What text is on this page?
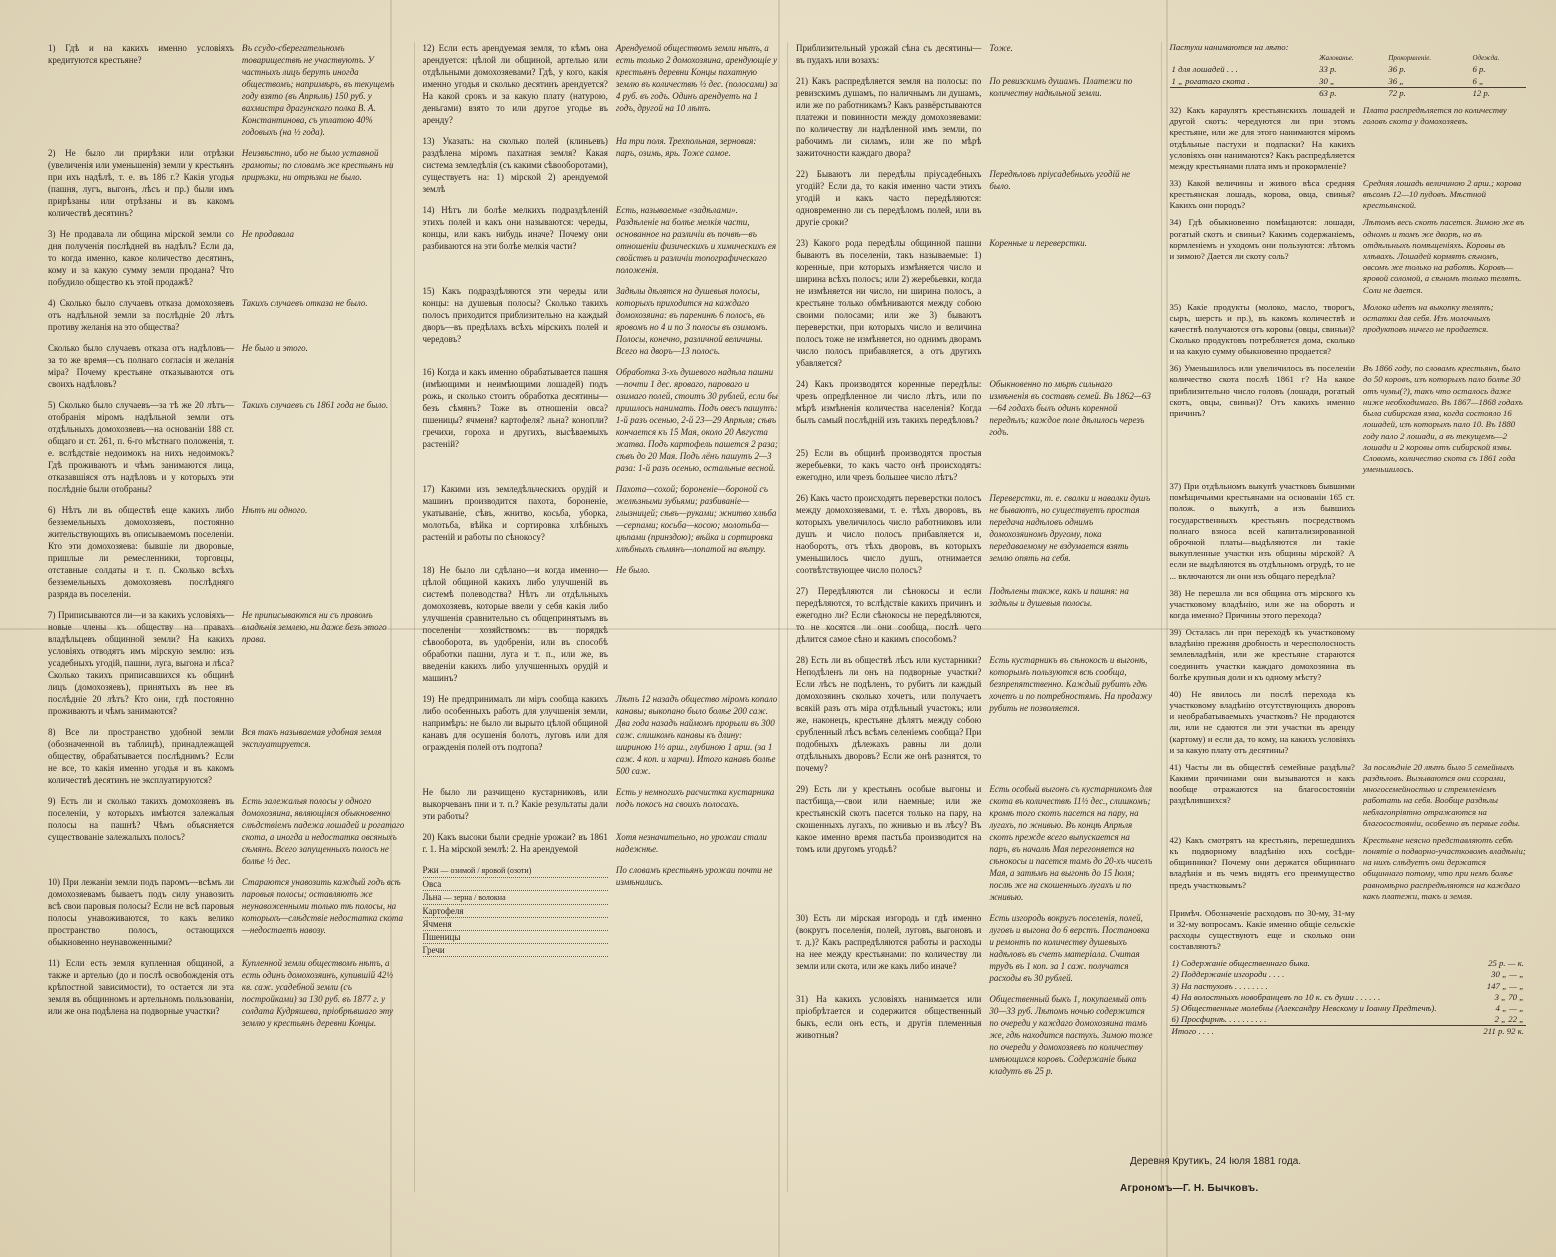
1) Гдѣ и на какихъ именно условіяхъ кредитуются крестьяне?
Въ ссудо-сберегательномъ товариществѣ не участвуютъ. У частныхъ лицъ берутъ иногда обществомъ; напримѣръ, въ текущемъ году взято (въ Апрѣлѣ) 150 руб. у вахмистра драгунскаго полка В. А. Константинова, съ уплатою 40% годовыхъ (на ½ года).
2) Не было ли прирѣзки или отрѣзки (увеличенія или уменьшенія) земли у крестьянъ при ихъ надѣлѣ, т. е. въ 186 г.? Какія угодья (пашня, лугъ, выгонъ, лѣсъ и пр.) были имъ прирѣзаны или отрѣзаны и въ какомъ количествѣ десятинъ?
Неизвѣстно, ибо не было уставной грамоты; по словамъ же крестьянъ ни прирѣзки, ни отрѣзки не было.
3) Не продавала ли община мірской земли со дня полученія послѣдней въ надѣлъ? Если да, то когда именно, какое количество десятинъ, кому и за какую сумму земли продана? Что побудило общество къ этой продажѣ?
Не продавала
4) Сколько было случаевъ отказа домохозяевъ отъ надѣльной земли за послѣдніе 20 лѣтъ противу желанія на это общества?
Такихъ случаевъ отказа не было.
Сколько было случаевъ отказа отъ надѣловъ—за то же время—съ полнаго согласія и желанія міра? Почему крестьяне отказываются отъ своихъ надѣловъ?
Не было и этого.
5) Сколько было случаевъ—за тѣ же 20 лѣтъ—отобранія міромъ надѣльной земли отъ отдѣльныхъ домохозяевъ—на основаніи 188 ст. общаго и ст. 261, п. 6-го мѣстнаго положенія, т. е. вслѣдствіе недоимокъ на нихъ недоимокъ? Гдѣ проживаютъ и чѣмъ занимаются лица, отказавшіяся отъ надѣловъ и у которыхъ эти послѣдніе были отобраны?
Такихъ случаевъ съ 1861 года не было.
6) Нѣтъ ли въ обществѣ еще какихъ либо безземельныхъ домохозяевъ, постоянно жительствующихъ въ описываемомъ поселеніи. Кто эти домохозяева: бывшіе ли дворовые, пришлые ли ремесленники, торговцы, отставные солдаты и т. п. Сколько всѣхъ безземельныхъ домохозяевъ послѣдняго разряда въ поселеніи.
Нѣтъ ни одного.
7) Приписываются ли—и за какихъ условіяхъ—новые члены къ обществу на правахъ владѣльцевъ общинной земли? На какихъ условіяхъ отводятъ имъ мірскую землю: изъ усадебныхъ угодій, пашни, луга, выгона и лѣса? Сколько такихъ приписавшихся къ общинѣ лицъ (домохозяевъ), принятыхъ въ нее въ послѣдніе 20 лѣтъ? Кто они, гдѣ постоянно проживаютъ и чѣмъ занимаются?
Не приписываются ни съ правомъ владѣнія землею, ни даже безъ этого права.
8) Все ли пространство удобной земли (обозначенной въ таблицѣ), принадлежащей обществу, обрабатывается послѣднимъ? Если не все, то какія именно угодья и въ какомъ количествѣ десятинъ не эксплуатируются?
Вся такъ называемая удобная земля эксплуатируется.
9) Есть ли и сколько такихъ домохозяевъ въ поселеніи, у которыхъ имѣются залежалыя полосы на пашнѣ? Чѣмъ объясняется существованіе залежалыхъ полосъ?
Есть залежалыя полосы у одного домохозяина, являющіяся обыкновенно слѣдствіемъ падежа лошадей и рогатаго скота, а иногда и недостатка овсяныхъ сѣмянъ. Всего запущенныхъ полосъ не болѣе ½ дес.
10) При лежаніи земли подъ паромъ—всѣмъ ли домохозяевамъ бываетъ подъ силу унавозить всѣ свои паровыя полосы? Если не всѣ паровыя полосы унавоживаются, то какъ велико пространство полосъ, остающихся обыкновенно неунавоженными?
Стараются унавозить каждый годъ всѣ паровыя полосы; оставляютъ же неунавоженными только тѣ полосы, на которыхъ—слѣдствіе недостатка скота—недостаетъ навозу.
11) Если есть земля купленная общиной, а также и артелью (до и послѣ освобожденія отъ крѣпостной зависимости), то остается ли эта земля въ общинномъ и артельномъ пользованіи, или же она подѣлена на подворные участки?
Купленной земли обществомъ нѣтъ, а есть одинъ домохозяинъ, купившій 42½ кв. саж. усадебной земли (съ постройками) за 130 руб. въ 1877 г. у солдата Кудряшева, пріобрѣвшаго эту землю у крестьянъ деревни Концы.
12) Если есть арендуемая земля, то кѣмъ она арендуется: цѣлой ли общиной, артелью или отдѣльными домохозяевами? Гдѣ, у кого, какія именно угодья и сколько десятинъ арендуется? На какой срокъ и за какую плату (натурою, деньгами) взято то или другое угодье въ аренду?
Арендуемой обществомъ земли нѣтъ, а есть только 2 домохозяина, арендующіе у крестьянъ деревни Концы пахатную землю въ количествѣ ½ дес. (полосами) за 4 руб. въ годъ. Одинъ арендуетъ на 1 годъ, другой на 10 лѣтъ.
13) Указать: на сколько полей (клиньевъ) раздѣлена міромъ пахатная земля? Какая система земледѣлія (съ какими сѣвооборотами), существуетъ на: 1) мірской 2) арендуемой землѣ
На три поля. Трехпольная, зерновая: паръ, озимь, ярь. Тоже самое.
14) Нѣтъ ли болѣе мелкихъ подраздѣленій этихъ полей и какъ они называются: череды, концы, или какъ нибудь иначе? Почему они разбиваются на эти болѣе мелкія части?
Есть, называемые «задѣлами». Раздѣленіе на болѣе мелкія части, основанное на различіи въ почвѣ—въ отношеніи физическихъ и химическихъ ея свойствъ и различіи топографическаго положенія.
15) Какъ подраздѣляются эти череды или концы: на душевыя полосы? Сколько такихъ полосъ приходится приблизительно на каждый дворъ—въ предѣлахъ всѣхъ мірскихъ полей и чередовъ?
Задѣлы дѣлятся на душевыя полосы, которыхъ приходится на каждаго домохозяина: въ паренинѣ 6 полосъ, въ яровомъ но 4 и по 3 полосы въ озимомъ. Полосы, конечно, различной величины. Всего на дворъ—13 полосъ.
16) Когда и какъ именно обрабатывается пашня (имѣющими и неимѣющими лошадей) подъ рожь, и сколько стоитъ обработка десятины—безъ сѣмянъ? Тоже въ отношеніи овса? пшеницы? ячменя? картофеля? льна? конопли? гречихи, гороха и другихъ, высѣваемыхъ растеній?
Обработка 3-хъ душевого надѣла пашни—почти 1 дес. яроваго, пароваго и озимаго полей, стоитъ 30 рублей, если бы пришлось нанимать. Подъ овесъ пашутъ: 1-й разъ осенью, 2-й 23—29 Апрѣля; сѣвъ кончается къ 15 Мая, около 20 Августа жатва. Подъ картофель пашется 2 раза; сѣвъ до 20 Мая. Подъ лёнъ пашутъ 2—3 раза: 1-й разъ осенью, остальные весной.
17) Какими изъ земледѣльческихъ орудій и машинъ производится пахота, бороненіе, укатываніе, сѣвъ, жнитво, косьба, уборка, молотьба, вѣйка и сортировка хлѣбныхъ растеній и работы по сѣнокосу?
Пахота—сохой; бороненіе—бороной съ желѣзными зубьями; разбиваніе—глызницей; сѣвъ—руками; жнитво хлѣба—серпами; косьба—косою; молотьба—цѣпами (принздою); вѣйка и сортировка хлѣбныхъ сѣмянъ—лопатой на вѣтру.
18) Не было ли сдѣлано—и когда именно—цѣлой общиной какихъ либо улучшеній въ системѣ полеводства? Нѣтъ ли отдѣльныхъ домохозяевъ, которые ввели у себя какія либо улучшенія сравнительно съ общепринятымъ въ поселеніи хозяйствомъ: въ порядкѣ сѣвооборота, въ удобреніи, или въ способѣ обработки пашни, луга и т. п., или же, въ введеніи какихъ либо улучшенныхъ орудій и машинъ?
Не было.
19) Не предпринималъ ли міръ сообща какихъ либо особенныхъ работъ для улучшенія земли, напримѣръ: не было ли вырыто цѣлой общиной канавъ для осушенія болотъ, луговъ или для огражденія полей отъ подтопа?
Лѣтъ 12 назадъ общество міромъ копало канавы; выкопано было болѣе 200 саж. Два года назадъ наймомъ прорыли въ 300 саж. слишкомъ канавы къ длину: шириною 1½ арш., глубиною 1 арш. (за 1 саж. 4 коп. и харчи). Итого канавъ болѣе 500 саж.
Не было ли разчищено кустарниковъ, или выкорчеванъ пни и т. п.? Какіе результаты дали эти работы?
Есть у немногихъ расчистка кустарника подъ покосъ на своихъ полосахъ.
20) Какъ высоки были средніе урожаи? въ 1861 г. 1. На мірской землѣ: 2. На арендуемой
Хотя незначительно, но урожаи стали надежнѣе.
Ржи — озимой / яровой (озоти)
Овса
Льна — зерна / волокна
Картофеля
Ячменя
Пшеницы
Гречи
По словамъ крестьянъ урожаи почти не измѣнились.
Приблизительный урожай сѣна съ десятины—въ пудахъ или возахъ:
Тоже.
21) Какъ распредѣляется земля на полосы: по ревизскимъ душамъ, по наличнымъ ли душамъ, или же по работникамъ? Какъ развёрстываются платежи и повинности между домохозяевами: по количеству ли надѣленной имъ земли, по рабочимъ ли силамъ, или же по мѣрѣ зажиточности каждаго двора?
По ревизскимъ душамъ. Платежи по количеству надѣльной земли.
22) Бываютъ ли передѣлы пріусадебныхъ угодій? Если да, то какія именно части этихъ угодій и какъ часто передѣляются: одновременно ли съ передѣломъ полей, или въ другіе сроки?
Передѣловъ пріусадебныхъ угодій не было.
23) Какого рода передѣлы общинной пашни бываютъ въ поселеніи, такъ называемые: 1) коренные, при которыхъ измѣняется число и ширина всѣхъ полосъ; или 2) жеребьевки, когда не измѣняется ни число, ни ширина полосъ, а крестьяне только обмѣниваются между собою своими полосами; или же 3) бываютъ переверстки, при которыхъ число и величина полосъ тоже не измѣняется, но однимъ дворамъ число полосъ прибавляется, а отъ другихъ убавляется?
Коренные и переверстки.
24) Какъ производятся коренные передѣлы: чрезъ опредѣленное ли число лѣтъ, или по мѣрѣ измѣненія количества населенія? Когда былъ самый послѣдній изъ такихъ передѣловъ?
Обыкновенно по мѣрѣ сильнаго измѣненія въ составѣ семей. Въ 1862—63—64 годахъ былъ одинъ коренной передѣлъ; каждое поле дѣлилось черезъ годъ.
25) Если въ общинѣ производятся простыя жеребьевки, то какъ часто онѣ происходятъ: ежегодно, или чрезъ большее число лѣтъ?
26) Какъ часто происходятъ переверстки полосъ между домохозяевами, т. е. тѣхъ дворовъ, въ которыхъ увеличилось число работниковъ или душъ и число полосъ прибавляется и, наоборотъ, отъ тѣхъ дворовъ, въ которыхъ уменьшилось число душъ, отнимается соотвѣтствующее число полосъ?
Переверстки, т. е. свалки и навалки душъ не бываютъ, но существуетъ простая передача надѣловъ однимъ домохозяиномъ другому, пока передаваемому не вздумается взять землю опять на себя.
27) Передѣляются ли сѣнокосы и если передѣляются, то вслѣдствіе какихъ причинъ и ежегодно ли? Если сѣнокосы не передѣляются, то не косятся ли они сообща, послѣ чего дѣлится самое сѣно и какимъ способомъ?
Подѣлены также, какъ и пашня: на задѣлы и душевыя полосы.
28) Есть ли въ обществѣ лѣсъ или кустарники? Неподѣленъ ли онъ на подворные участки? Если лѣсъ не подѣленъ, то рубитъ ли каждый домохозяинъ сколько хочетъ, или получаетъ всякій разъ отъ міра отдѣльный участокъ; или же, наконецъ, крестьяне дѣлятъ между собою срубленный лѣсъ всѣмъ селеніемъ сообща? При подобныхъ дѣлежахъ равны ли доли отдѣльныхъ дворовъ? Если же онѣ разнятся, то почему?
Есть кустарникъ въ сѣнокосѣ и выгонѣ, которымъ пользуются всѣ сообща, безпрепятственно. Каждый рубитъ гдѣ хочетъ и по потребностямъ. На продажу рубить не позволяется.
29) Есть ли у крестьянъ особые выгоны и пастбища,—свои или наемные; или же крестьянскій скотъ пасется только на пару, на скошенныхъ лугахъ, по жнивью и въ лѣсу? Въ какое именно время пастьба производится на томъ или другомъ угодьѣ?
Есть особый выгонъ съ кустарникомъ для скота въ количествѣ 11½ дес., слишкомъ; кромѣ того скотъ пасется на пару, на лугахъ, по жнивью. Въ концѣ Апрѣля скотъ прежде всего выпускается на паръ, въ началѣ Мая перегоняется на сѣнокосы и пасется тамъ до 20-хъ чиселъ Мая, а затѣмъ на выгонѣ до 15 Іюля; послѣ же на скошенныхъ лугахъ и по жнивью.
30) Есть ли мірская изгородь и гдѣ именно (вокругъ поселенія, полей, луговъ, выгоновъ и т. д.)? Какъ распредѣляются работы и расходы на нее между крестьянами: по количеству ли земли или скота, или же какъ либо иначе?
Есть изгородь вокругъ поселенія, полей, луговъ и выгона до 6 верстъ. Постановка и ремонтъ по количеству душевыхъ надѣловъ въ счетъ матеріала. Считая трудъ въ 1 коп. за 1 саж. получатся расходы въ 30 рублей.
31) На какихъ условіяхъ нанимается или пріобрѣтается и содержится общественный быкъ, если онъ есть, и другія племенныя животныя?
Общественный быкъ 1, покупаемый отъ 30—33 руб. Лѣтомъ ночью содержится по очереди у каждаго домохозяина тамъ же, гдѣ находится пастухъ. Зимою тоже по очереди у домохозяевъ по количеству имѣющихся коровъ. Содержаніе быка кладутъ въ 25 р.
Пастухи нанимаются на лѣто:
	Жалованье.	Прокормленіе.	Одежда.
1 для лошадей . . .	33 р.	36 р.	6 р.
1 „ рогатаго скота .	30 „	36 „	6 „
	63 р.	72 р.	12 р.
32) Какъ караулятъ крестьянскихъ лошадей и другой скотъ: чередуются ли при этомъ крестьяне, или же для этого нанимаются міромъ отдѣльные пастухи и подпаски? На какихъ условіяхъ они нанимаются? Какъ распредѣляется между крестьянами плата имъ и прокормленіе?
Плата распредѣляется по количеству головъ скота у домохозяевъ.
33) Какой величины и живого вѣса средняя крестьянская лошадь, корова, овца, свинья? Какихъ они породъ?
Средняя лошадь величиною 2 арш.; корова вѣсомъ 12—10 пудовъ. Мѣстной крестьянской.
34) Гдѣ обыкновенно помѣщаются: лошади, рогатый скотъ и свиньи? Какимъ содержаніемъ, кормленіемъ и уходомъ они пользуются: лѣтомъ и зимою? Дается ли скоту соль?
Лѣтомъ весь скотъ пасется. Зимою же въ одномъ и томъ же дворѣ, но въ отдѣльныхъ помѣщеніяхъ. Коровы въ хлѣвахъ. Лошадей кормятъ сѣномъ, овсомъ же только на работѣ. Коровъ—яровой соломой, а сѣномъ только телятъ. Соли не дается.
35) Какіе продукты (молоко, масло, творогъ, сыръ, шерсть и пр.), въ какомъ количествѣ и качествѣ получаются отъ коровы (овцы, свиньи)? Сколько продуктовъ потребляется дома, сколько и на какую сумму обыкновенно продается?
Молоко идетъ на выкопку телятъ; остатки для себя. Изъ молочныхъ продуктовъ ничего не продается.
36) Уменьшилось или увеличилось въ поселеніи количество скота послѣ 1861 г? На какое приблизительно число головъ (лошади, рогатый скотъ, овцы, свиньи)? Отъ какихъ именно причинъ?
Въ 1866 году, по словамъ крестьянъ, было до 50 коровъ, изъ которыхъ пало болѣе 30 отъ чумы(?), такъ что осталось даже ниже необходимаго. Въ 1867—1868 годахъ была сибирская язва, когда состояло 16 лошадей, изъ которыхъ пало 10. Въ 1880 году пало 2 лошади, а въ текущемъ—2 лошади и 2 коровы отъ сибирской язвы. Словомъ, количество скота съ 1861 года уменьшилось.
37) При отдѣльномъ выкупѣ участковъ бывшими помѣщичьими крестьянами на основаніи 165 ст. полож. о выкупѣ, а изъ бывшихъ государственныхъ крестьянъ посредствомъ полнаго взноса всей капитализированной оброчной платы—выдѣляются ли такіе выкупленные участки изъ общины мірской? А если не выдѣляются въ отдѣльномъ огрудѣ, то не ... включаются ли они изъ общаго передѣла?
38) Не перешла ли вся община отъ мірского къ участковому владѣнію, или же на обороть и когда именно? Причины этого перехода?
39) Осталась ли при переходѣ къ участковому владѣнію прежняя дробность и чересполосность землевладѣнія, или же крестьяне стараются соединить участки каждаго домохозяина въ болѣе крупныя доли и къ одному мѣсту?
40) Не явилось ли послѣ перехода къ участковому владѣнію отсутствующихъ дворовъ и необрабатываемыхъ участковъ? Не продаются ли, или не сдаются ли эти участки въ аренду (картому) и если да, то кому, на какихъ условіяхъ и за какую плату отъ десятины?
41) Часты ли въ обществѣ семейные раздѣлы? Какими причинами они вызываются и какъ вообще отражаются на благосостояніи раздѣлившихся?
За послѣдніе 20 лѣтъ было 5 семейныхъ раздѣловъ. Вызываются они ссорами, многосемейностью и стремленіемъ работать на себя. Вообще раздѣлы неблагопріятно отражаются на благосостояніи, особенно въ первые годы.
42) Какъ смотрятъ на крестьянъ, перешедшихъ къ подворному владѣнію ихъ сосѣди-общинники? Почему они держатся общиннаго владѣнія и въ чемъ видятъ его преимущество предъ участковымъ?
Крестьяне неясно представляютъ себѣ понятіе о подворно-участковомъ владѣніи; на нихъ слѣдуетъ они держатся общиннаго потому, что при немъ болѣе равномѣрно распредѣляются на каждаго какъ платежи, такъ и земля.
Примѣч. Обозначеніе расходовъ по 30-му, 31-му и 32-му вопросамъ. Какіе именно общіе сельскіе расходы существуютъ еще и сколько они составляютъ?
1) Содержаніе общественнаго быка.	25 р. — к.
2) Поддержаніе изгороди . . . .	30 „ — „
3) На пастуховъ . . . . . . . .	147 „ — „
4) На волостныхъ новобранцевъ по 10 к. съ души . . . . . .	3 „ 70 „
5) Общественные молебны (Александру Невскому и Іоанну Предтечѣ).	4 „ — „
6) Просфирнѣ. . . . . . . . . .	2 „ 22 „
Итого . . . .	211 р. 92 к.
Деревня Крутикъ, 24 Іюля 1881 года.
Агрономъ—Г. Н. Бычковъ.
